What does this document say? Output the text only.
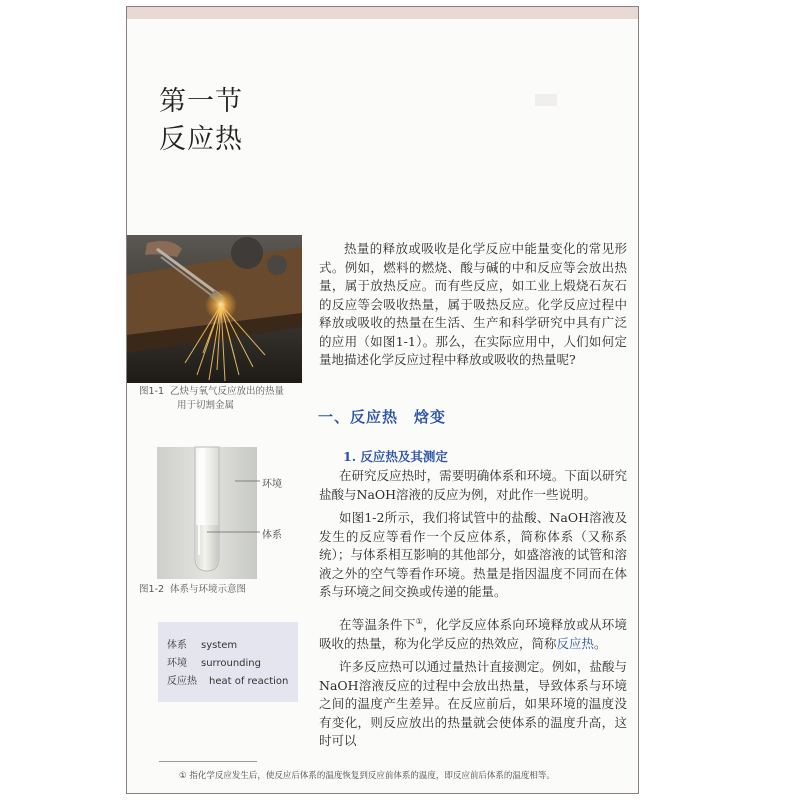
第一节
反应热
图1-1 乙炔与氧气反应放出的热量
用于切割金属
环境
体系
图1-2 体系与环境示意图
体系 system
环境 surrounding
反应热 heat of reaction

热量的释放或吸收是化学反应中能量变化的常见形式。例如，燃料的燃烧、酸与碱的中和反应等会放出热量，属于放热反应。而有些反应，如工业上煅烧石灰石的反应等会吸收热量，属于吸热反应。化学反应过程中释放或吸收的热量在生活、生产和科学研究中具有广泛的应用（如图1-1）。那么，在实际应用中，人们如何定量地描述化学反应过程中释放或吸收的热量呢?

一、反应热　焓变
1. 反应热及其测定

在研究反应热时，需要明确体系和环境。下面以研究盐酸与NaOH溶液的反应为例，对此作一些说明。

如图1-2所示，我们将试管中的盐酸、NaOH溶液及发生的反应等看作一个反应体系，简称体系（又称系统）；与体系相互影响的其他部分，如盛溶液的试管和溶液之外的空气等看作环境。热量是指因温度不同而在体系与环境之间交换或传递的能量。

在等温条件下①，化学反应体系向环境释放或从环境吸收的热量，称为化学反应的热效应，简称反应热。

许多反应热可以通过量热计直接测定。例如，盐酸与NaOH溶液反应的过程中会放出热量，导致体系与环境之间的温度产生差异。在反应前后，如果环境的温度没有变化，则反应放出的热量就会使体系的温度升高，这时可以

① 指化学反应发生后，使反应后体系的温度恢复到反应前体系的温度，即反应前后体系的温度相等。
